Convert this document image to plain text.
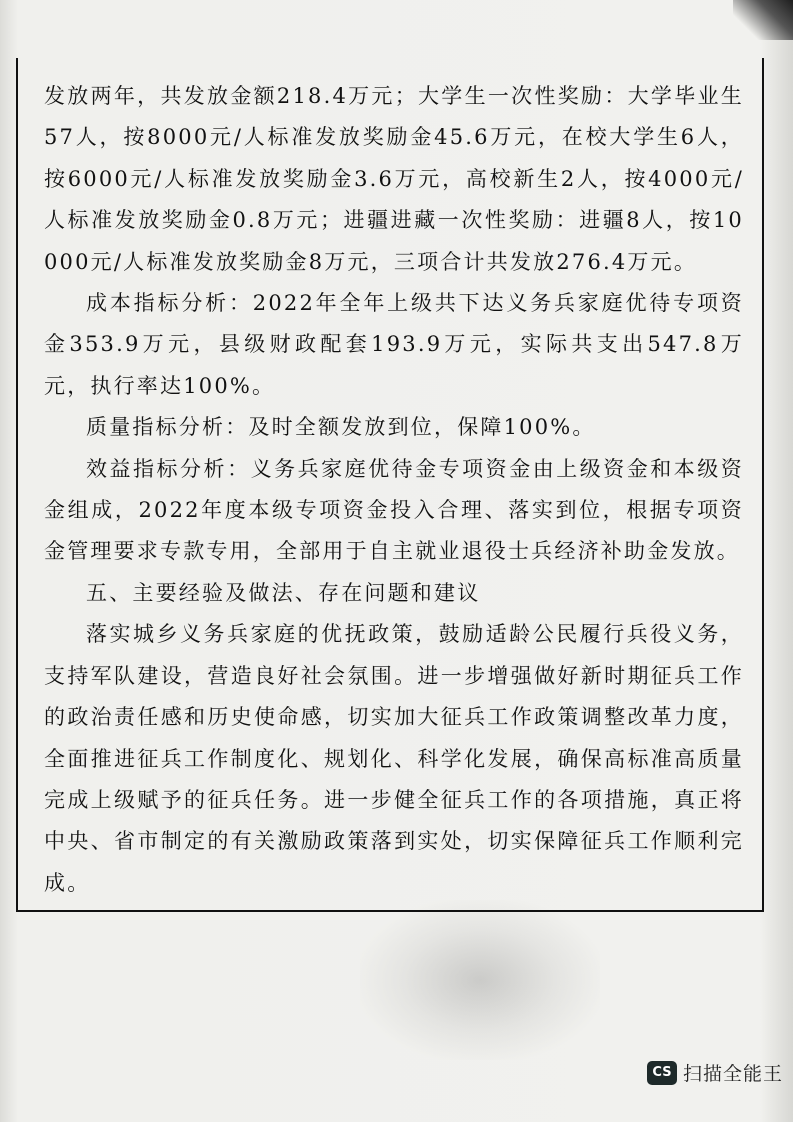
发放两年，共发放金额218.4万元；大学生一次性奖励：大学毕业生57人，按8000元/人标准发放奖励金45.6万元，在校大学生6人，按6000元/人标准发放奖励金3.6万元，高校新生2人，按4000元/人标准发放奖励金0.8万元；进疆进藏一次性奖励：进疆8人，按10000元/人标准发放奖励金8万元，三项合计共发放276.4万元。

成本指标分析：2022年全年上级共下达义务兵家庭优待专项资金353.9万元，县级财政配套193.9万元，实际共支出547.8万元，执行率达100%。

质量指标分析：及时全额发放到位，保障100%。

效益指标分析：义务兵家庭优待金专项资金由上级资金和本级资金组成，2022年度本级专项资金投入合理、落实到位，根据专项资金管理要求专款专用，全部用于自主就业退役士兵经济补助金发放。

五、主要经验及做法、存在问题和建议

落实城乡义务兵家庭的优抚政策，鼓励适龄公民履行兵役义务，支持军队建设，营造良好社会氛围。进一步增强做好新时期征兵工作的政治责任感和历史使命感，切实加大征兵工作政策调整改革力度，全面推进征兵工作制度化、规划化、科学化发展，确保高标准高质量完成上级赋予的征兵任务。进一步健全征兵工作的各项措施，真正将中央、省市制定的有关激励政策落到实处，切实保障征兵工作顺利完成。

CS 扫描全能王
